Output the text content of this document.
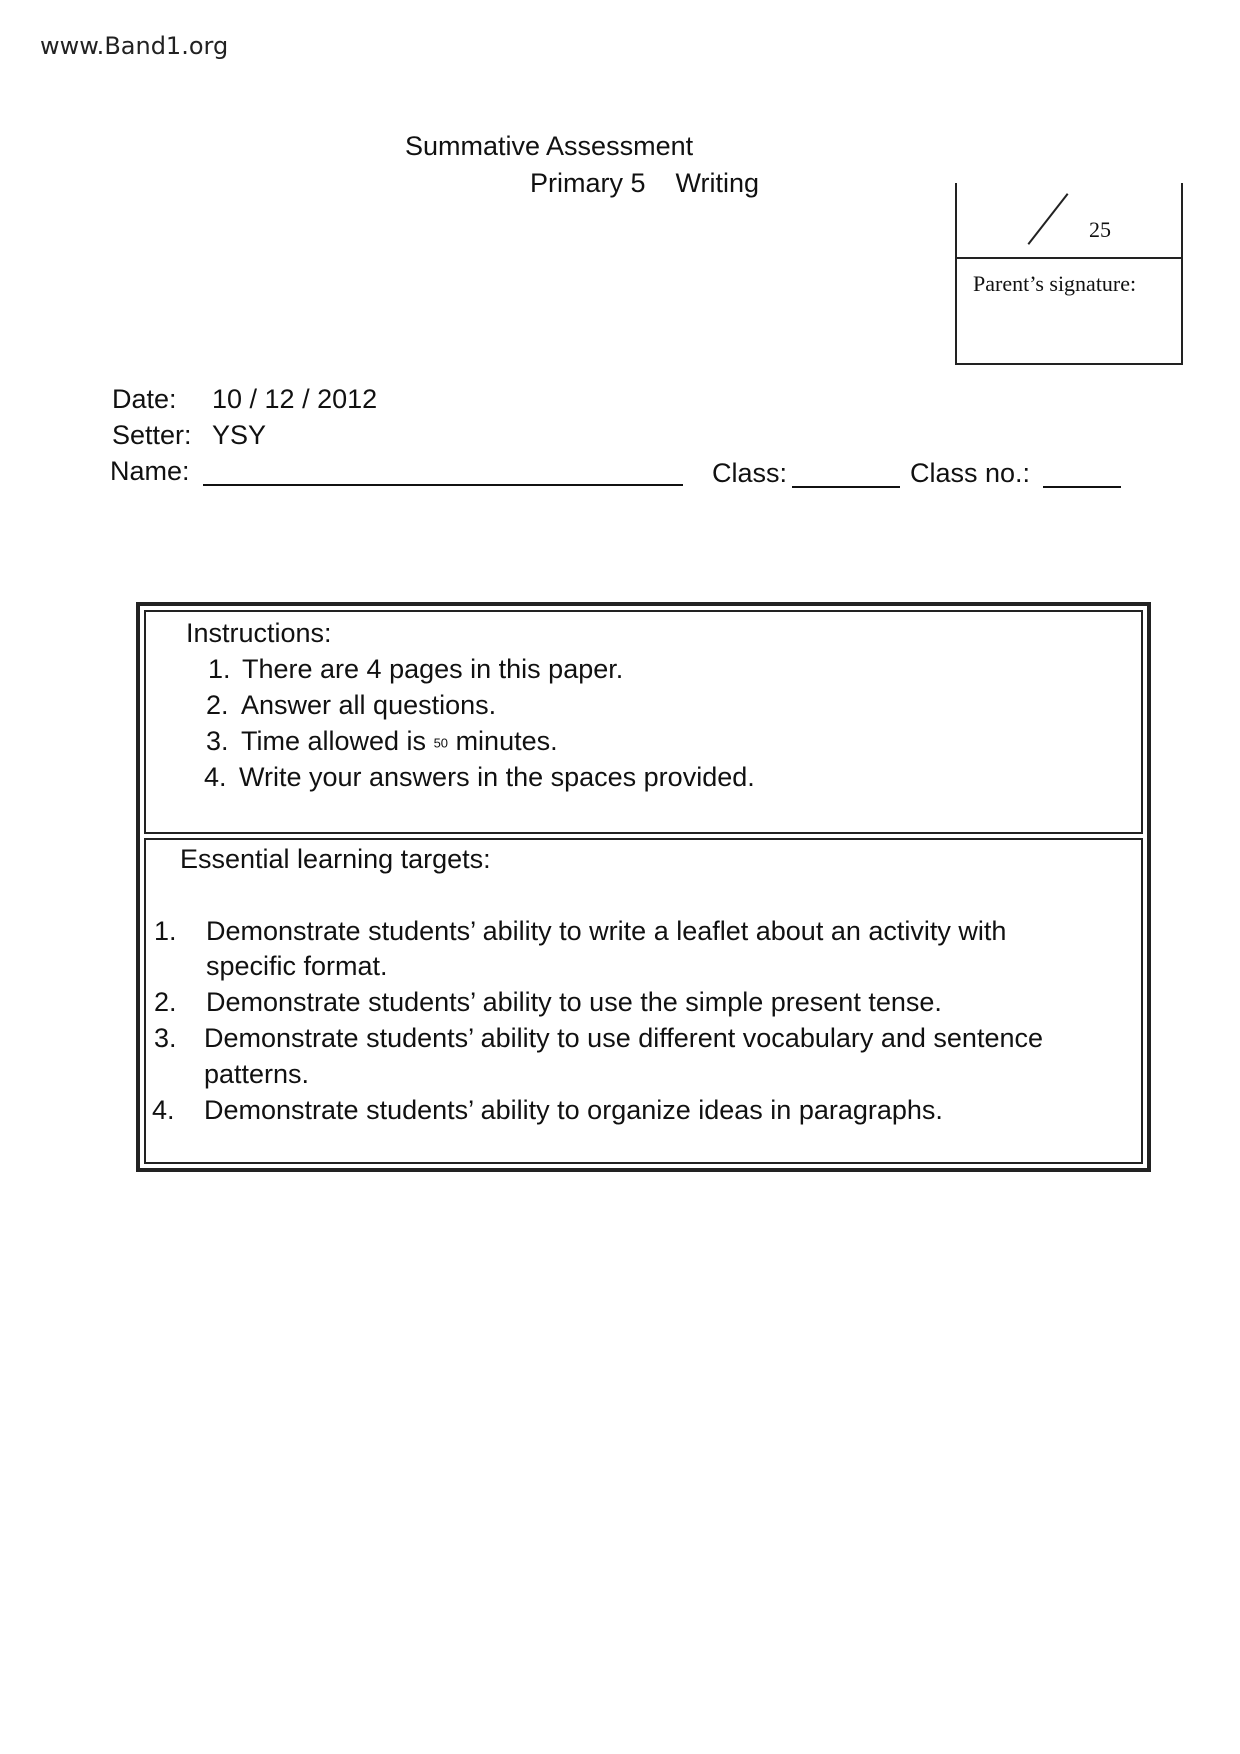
www.Band1.org
Summative Assessment
Primary 5 Writing
25
Parent’s signature:
Date: 10 / 12 / 2012
Setter: YSY
Name:	Class:	Class no.:
Instructions:
1. There are 4 pages in this paper.
2. Answer all questions.
3. Time allowed is 50 minutes.
4. Write your answers in the spaces provided.
Essential learning targets:
1. Demonstrate students’ ability to write a leaflet about an activity with
specific format.
2. Demonstrate students’ ability to use the simple present tense.
3. Demonstrate students’ ability to use different vocabulary and sentence
patterns.
4. Demonstrate students’ ability to organize ideas in paragraphs.
